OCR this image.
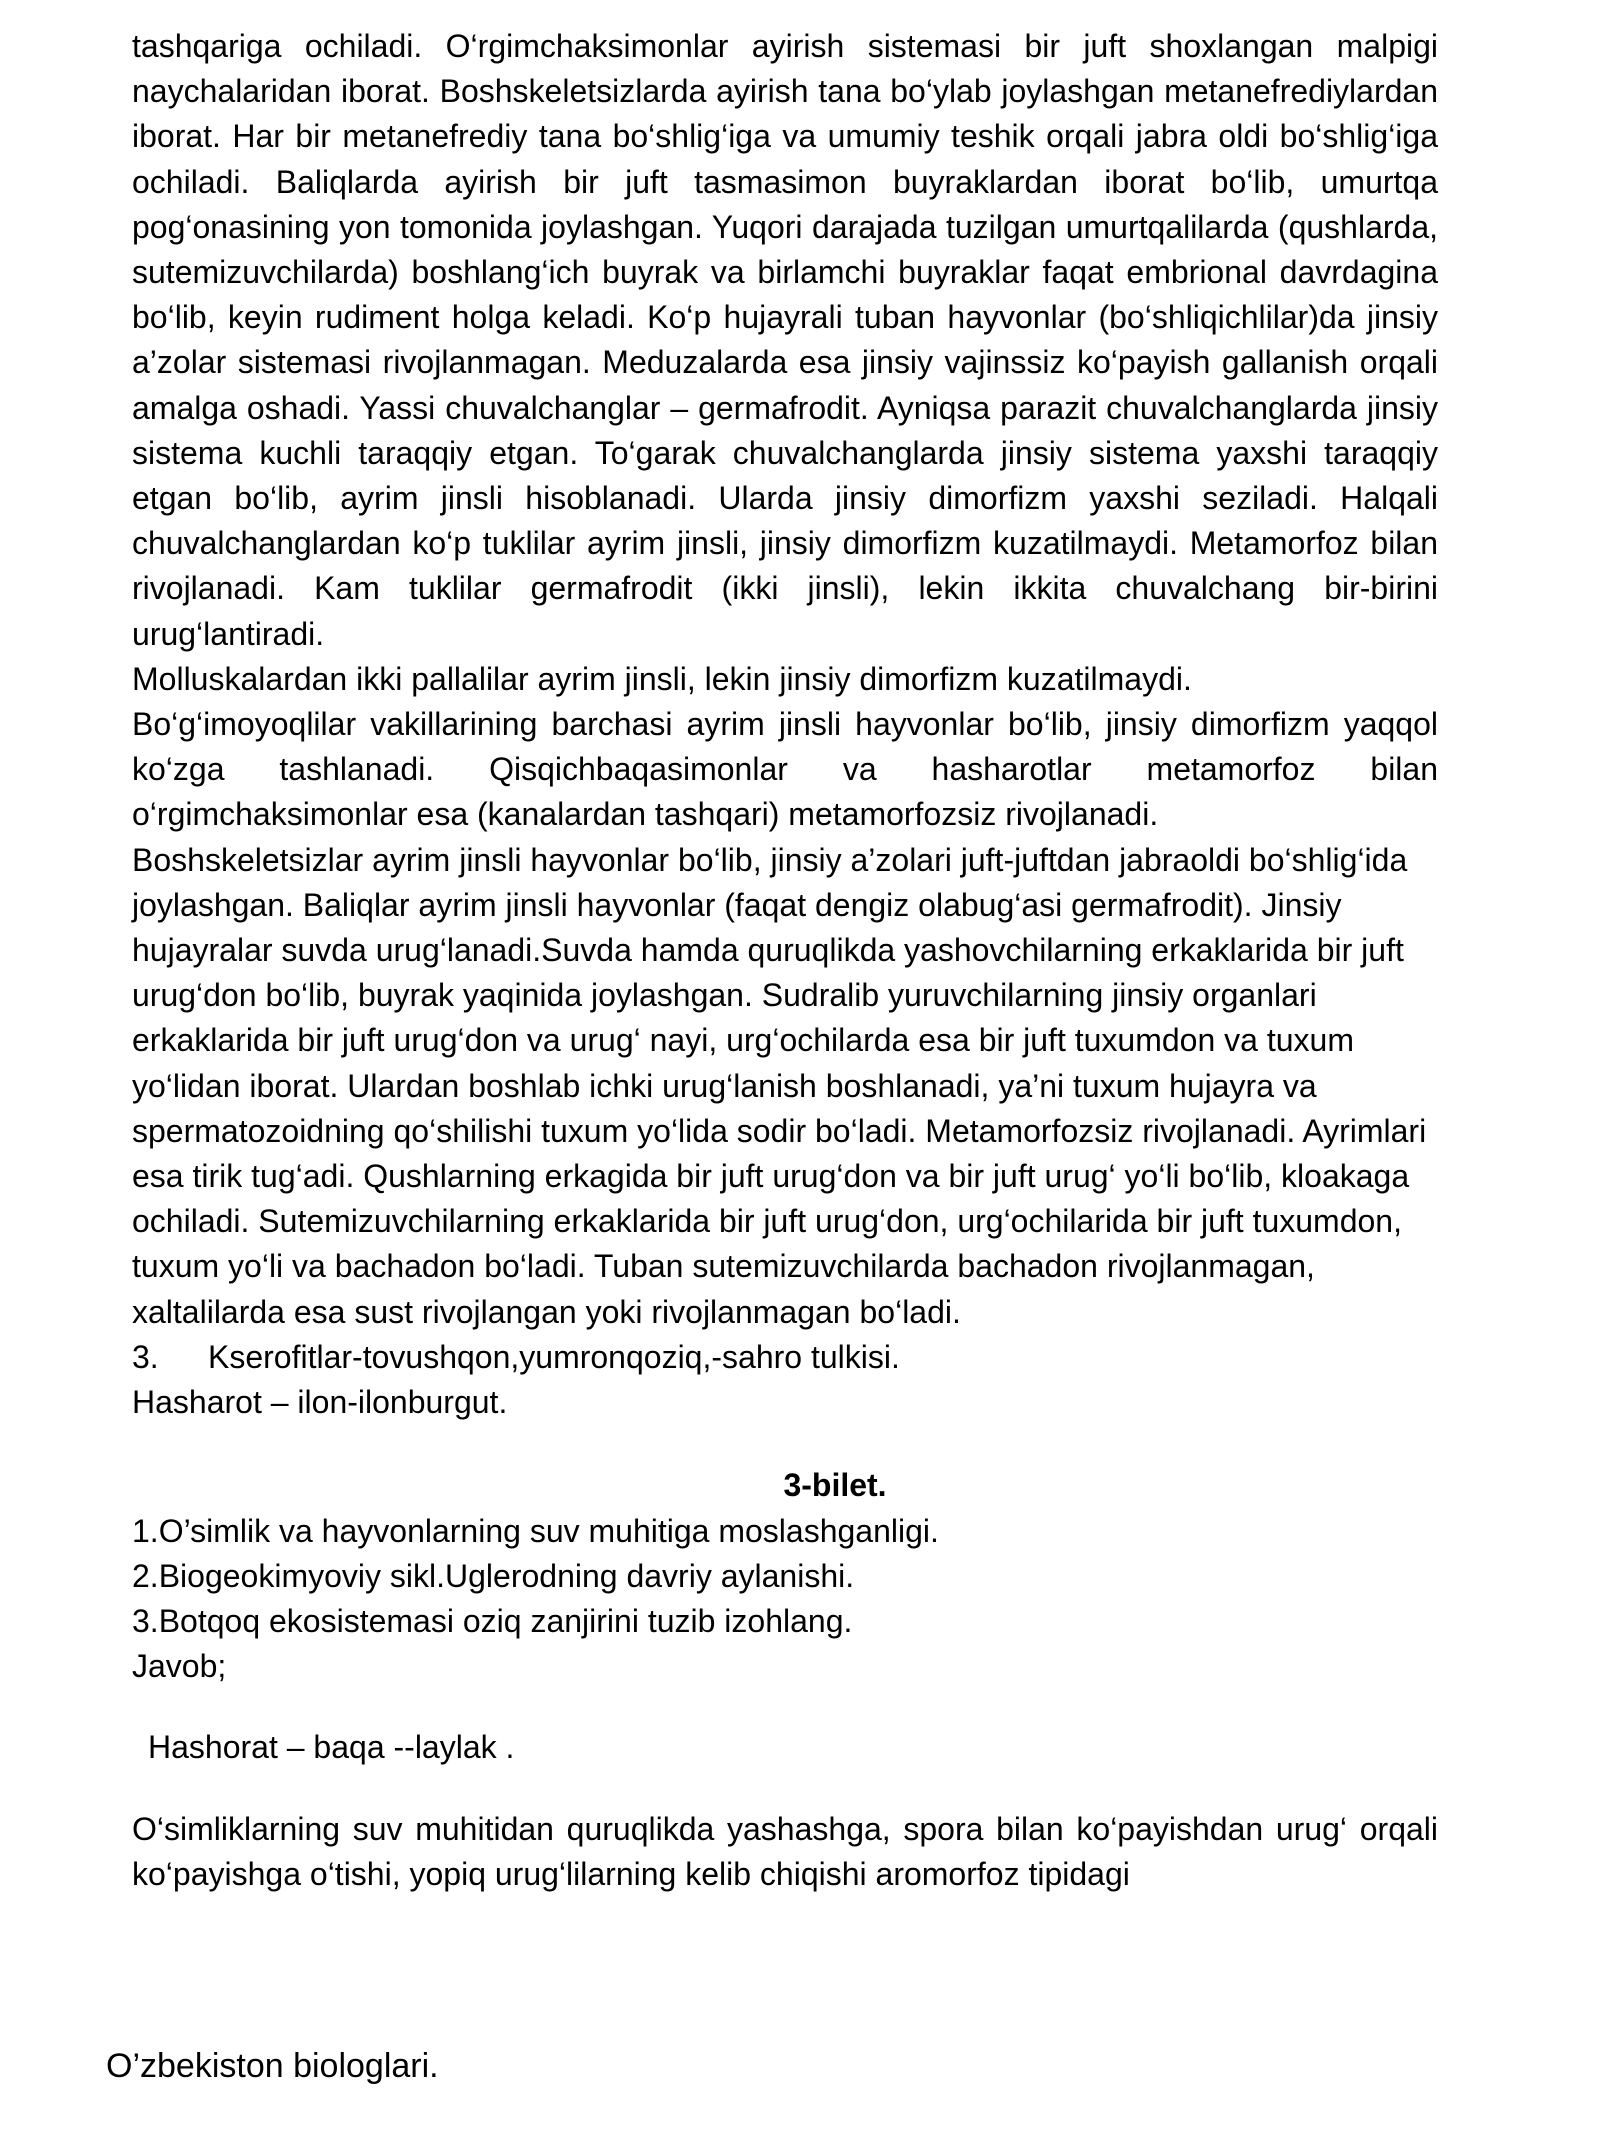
tashqariga ochiladi. O‘rgimchaksimonlar ayirish sistemasi bir juft shoxlangan malpigi naychalaridan iborat. Boshskeletsizlarda ayirish tana bo‘ylab joylashgan metanefrediylardan iborat. Har bir metanefrediy tana bo‘shlig‘iga va umumiy teshik orqali jabra oldi bo‘shlig‘iga ochiladi. Baliqlarda ayirish bir juft tasmasimon buyraklardan iborat bo‘lib, umurtqa pog‘onasining yon tomonida joylashgan. Yuqori darajada tuzilgan umurtqalilarda (qushlarda, sutemizuvchilarda) boshlang‘ich buyrak va birlamchi buyraklar faqat embrional davrdagina bo‘lib, keyin rudiment holga keladi. Ko‘p hujayrali tuban hayvonlar (bo‘shliqichlilar)da jinsiy a’zolar sistemasi rivojlanmagan. Meduzalarda esa jinsiy vajinssiz ko‘payish gallanish orqali amalga oshadi. Yassi chuvalchanglar – germafrodit. Ayniqsa parazit chuvalchanglarda jinsiy sistema kuchli taraqqiy etgan. To‘garak chuvalchanglarda jinsiy sistema yaxshi taraqqiy etgan bo‘lib, ayrim jinsli hisoblanadi. Ularda jinsiy dimorfizm yaxshi seziladi. Halqali chuvalchanglardan ko‘p tuklilar ayrim jinsli, jinsiy dimorfizm kuzatilmaydi. Metamorfoz bilan rivojlanadi. Kam tuklilar germafrodit (ikki jinsli), lekin ikkita chuvalchang bir-birini urug‘lantiradi.

Molluskalardan ikki pallalilar ayrim jinsli, lekin jinsiy dimorfizm kuzatilmaydi.

Bo‘g‘imoyoqlilar vakillarining barchasi ayrim jinsli hayvonlar bo‘lib, jinsiy dimorfizm yaqqol ko‘zga tashlanadi. Qisqichbaqasimonlar va hasharotlar metamorfoz bilan o‘rgimchaksimonlar esa (kanalardan tashqari) metamorfozsiz rivojlanadi.

Boshskeletsizlar ayrim jinsli hayvonlar bo‘lib, jinsiy a’zolari juft-juftdan jabraoldi bo‘shlig‘ida joylashgan. Baliqlar ayrim jinsli hayvonlar (faqat dengiz olabug‘asi germafrodit). Jinsiy hujayralar suvda urug‘lanadi.Suvda hamda quruqlikda yashovchilarning erkaklarida bir juft urug‘don bo‘lib, buyrak yaqinida joylashgan. Sudralib yuruvchilarning jinsiy organlari erkaklarida bir juft urug‘don va urug‘ nayi, urg‘ochilarda esa bir juft tuxumdon va tuxum yo‘lidan iborat. Ulardan boshlab ichki urug‘lanish boshlanadi, ya’ni tuxum hujayra va spermatozoidning qo‘shilishi tuxum yo‘lida sodir bo‘ladi. Metamorfozsiz rivojlanadi. Ayrimlari esa tirik tug‘adi. Qushlarning erkagida bir juft urug‘don va bir juft urug‘ yo‘li bo‘lib, kloakaga ochiladi. Sutemizuvchilarning erkaklarida bir juft urug‘don, urg‘ochilarida bir juft tuxumdon, tuxum yo‘li va bachadon bo‘ladi. Tuban sutemizuvchilarda bachadon rivojlanmagan, xaltalilarda esa sust rivojlangan yoki rivojlanmagan bo‘ladi.

3.	Kserofitlar-tovushqon,yumronqoziq,-sahro tulkisi.

Hasharot – ilon-ilonburgut.

3-bilet.

1.O’simlik va hayvonlarning suv muhitiga moslashganligi.

2.Biogeokimyoviy sikl.Uglerodning davriy aylanishi.

3.Botqoq ekosistemasi oziq zanjirini tuzib izohlang.

Javob;

Hashorat – baqa --laylak .

O‘simliklarning suv muhitidan quruqlikda yashashga, spora bilan ko‘payishdan urug‘ orqali ko‘payishga o‘tishi, yopiq urug‘lilarning kelib chiqishi aromorfoz tipidagi

O’zbekiston biologlari.
